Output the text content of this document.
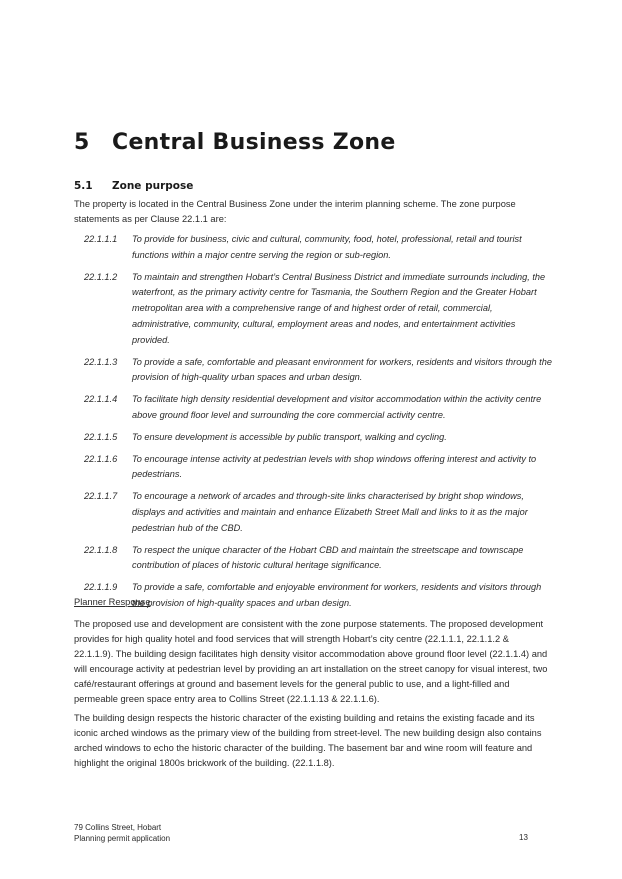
5 Central Business Zone
5.1 Zone purpose
The property is located in the Central Business Zone under the interim planning scheme. The zone purpose statements as per Clause 22.1.1 are:
22.1.1.1	To provide for business, civic and cultural, community, food, hotel, professional, retail and tourist functions within a major centre serving the region or sub-region.
22.1.1.2	To maintain and strengthen Hobart’s Central Business District and immediate surrounds including, the waterfront, as the primary activity centre for Tasmania, the Southern Region and the Greater Hobart metropolitan area with a comprehensive range of and highest order of retail, commercial, administrative, community, cultural, employment areas and nodes, and entertainment activities provided.
22.1.1.3	To provide a safe, comfortable and pleasant environment for workers, residents and visitors through the provision of high-quality urban spaces and urban design.
22.1.1.4	To facilitate high density residential development and visitor accommodation within the activity centre above ground floor level and surrounding the core commercial activity centre.
22.1.1.5	To ensure development is accessible by public transport, walking and cycling.
22.1.1.6	To encourage intense activity at pedestrian levels with shop windows offering interest and activity to pedestrians.
22.1.1.7	To encourage a network of arcades and through-site links characterised by bright shop windows, displays and activities and maintain and enhance Elizabeth Street Mall and links to it as the major pedestrian hub of the CBD.
22.1.1.8	To respect the unique character of the Hobart CBD and maintain the streetscape and townscape contribution of places of historic cultural heritage significance.
22.1.1.9	To provide a safe, comfortable and enjoyable environment for workers, residents and visitors through the provision of high-quality spaces and urban design.
Planner Response
The proposed use and development are consistent with the zone purpose statements. The proposed development provides for high quality hotel and food services that will strength Hobart’s city centre (22.1.1.1, 22.1.1.2 & 22.1.1.9). The building design facilitates high density visitor accommodation above ground floor level (22.1.1.4) and will encourage activity at pedestrian level by providing an art installation on the street canopy for visual interest, two café/restaurant offerings at ground and basement levels for the general public to use, and a light-filled and permeable green space entry area to Collins Street (22.1.1.13 & 22.1.1.6).
The building design respects the historic character of the existing building and retains the existing facade and its iconic arched windows as the primary view of the building from street-level. The new building design also contains arched windows to echo the historic character of the building. The basement bar and wine room will feature and highlight the original 1800s brickwork of the building. (22.1.1.8).
79 Collins Street, Hobart
Planning permit application	13
